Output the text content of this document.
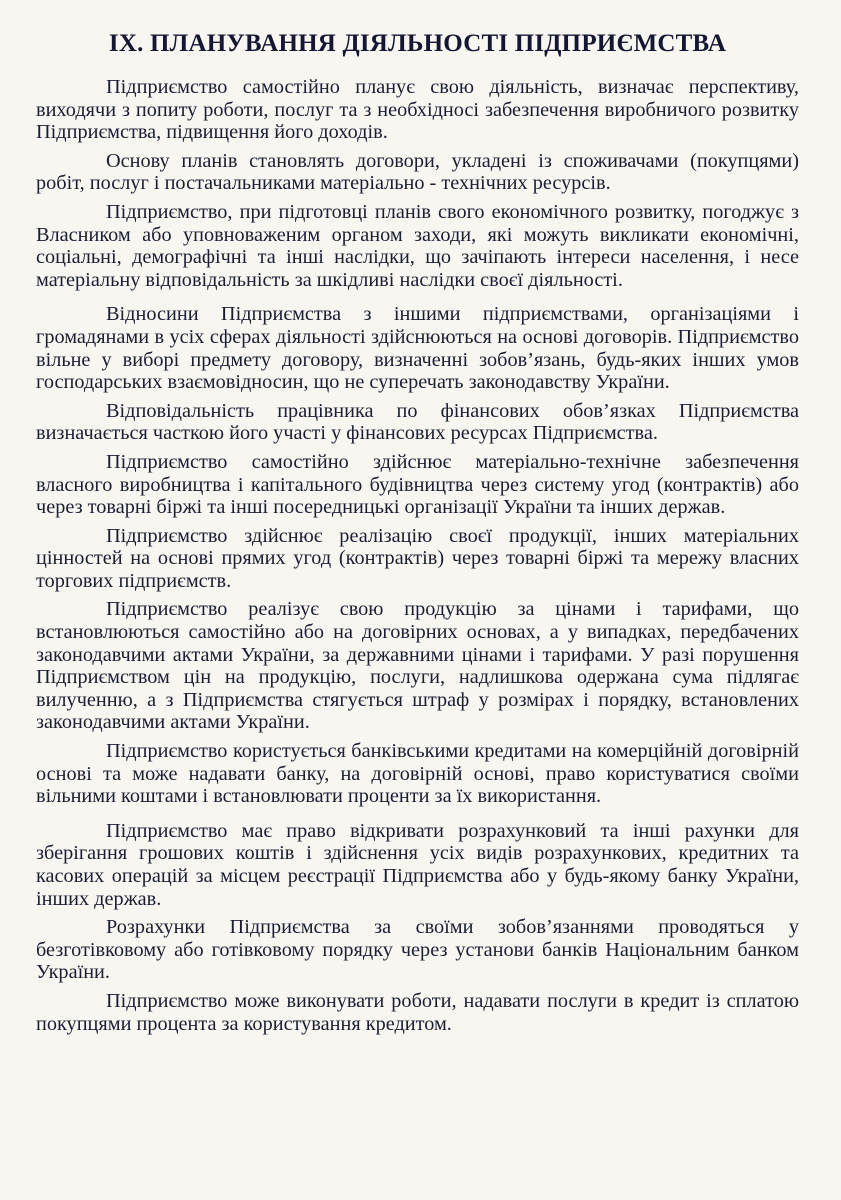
IX. ПЛАНУВАННЯ ДІЯЛЬНОСТІ ПІДПРИЄМСТВА

Підприємство самостійно планує свою діяльність, визначає перспективу, виходячи з попиту роботи, послуг та з необхідносі забезпечення виробничого розвитку Підприємства, підвищення його доходів.

Основу планів становлять договори, укладені із споживачами (покупцями) робіт, послуг і постачальниками матеріально - технічних ресурсів.

Підприємство, при підготовці планів свого економічного розвитку, погоджує з Власником або уповноваженим органом заходи, які можуть викликати економічні, соціальні, демографічні та інші наслідки, що зачіпають інтереси населення, і несе матеріальну відповідальність за шкідливі наслідки своєї діяльності.

Відносини Підприємства з іншими підприємствами, організаціями і громадянами в усіх сферах діяльності здійснюються на основі договорів. Підприємство вільне у виборі предмету договору, визначенні зобов’язань, будь-яких інших умов господарських взаємовідносин, що не суперечать законодавству України.

Відповідальність працівника по фінансових обов’язках Підприємства визначається часткою його участі у фінансових ресурсах Підприємства.

Підприємство самостійно здійснює матеріально-технічне забезпечення власного виробництва і капітального будівництва через систему угод (контрактів) або через товарні біржі та інші посередницькі організації України та інших держав.

Підприємство здійснює реалізацію своєї продукції, інших матеріальних цінностей на основі прямих угод (контрактів) через товарні біржі та мережу власних торгових підприємств.

Підприємство реалізує свою продукцію за цінами і тарифами, що встановлюються самостійно або на договірних основах, а у випадках, передбачених законодавчими актами України, за державними цінами і тарифами. У разі порушення Підприємством цін на продукцію, послуги, надлишкова одержана сума підлягає вилученню, а з Підприємства стягується штраф у розмірах і порядку, встановлених законодавчими актами України.

Підприємство користується банківськими кредитами на комерційній договірній основі та може надавати банку, на договірній основі, право користуватися своїми вільними коштами і встановлювати проценти за їх використання.

Підприємство має право відкривати розрахунковий та інші рахунки для зберігання грошових коштів і здійснення усіх видів розрахункових, кредитних та касових операцій за місцем реєстрації Підприємства або у будь-якому банку України, інших держав.

Розрахунки Підприємства за своїми зобов’язаннями проводяться у безготівковому або готівковому порядку через установи банків Національним банком України.

Підприємство може виконувати роботи, надавати послуги в кредит із сплатою покупцями процента за користування кредитом.
